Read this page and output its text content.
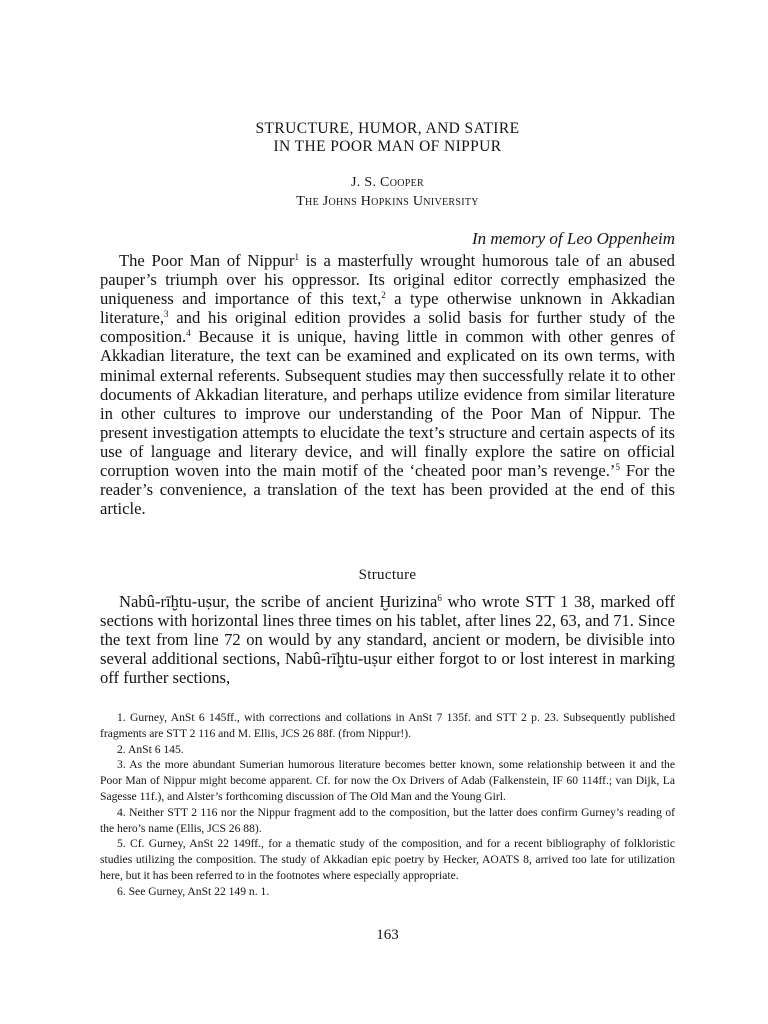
STRUCTURE, HUMOR, AND SATIRE
IN THE POOR MAN OF NIPPUR
J. S. Cooper
The Johns Hopkins University
In memory of Leo Oppenheim

The Poor Man of Nippur$^1$ is a masterfully wrought humorous tale of an abused pauper’s triumph over his oppressor. Its original editor correctly emphasized the uniqueness and importance of this text,$^2$ a type otherwise unknown in Akkadian literature,$^3$ and his original edition provides a solid basis for further study of the composition.$^4$ Because it is unique, having little in common with other genres of Akkadian literature, the text can be examined and explicated on its own terms, with minimal external referents. Subsequent studies may then successfully relate it to other documents of Akkadian literature, and perhaps utilize evidence from similar literature in other cultures to improve our understanding of the Poor Man of Nippur. The present investigation attempts to elucidate the text’s structure and certain aspects of its use of language and literary device, and will finally explore the satire on official corruption woven into the main motif of the ‘cheated poor man’s revenge.’$^5$ For the reader’s convenience, a translation of the text has been provided at the end of this article.

Structure

Nabû-rīḫtu-uṣur, the scribe of ancient Ḫurizina$^6$ who wrote STT 1 38, marked off sections with horizontal lines three times on his tablet, after lines 22, 63, and 71. Since the text from line 72 on would by any standard, ancient or modern, be divisible into several additional sections, Nabû-rīḫtu-uṣur either forgot to or lost interest in marking off further sections,

1. Gurney, AnSt 6 145ff., with corrections and collations in AnSt 7 135f. and STT 2 p. 23. Subsequently published fragments are STT 2 116 and M. Ellis, JCS 26 88f. (from Nippur!).

2. AnSt 6 145.

3. As the more abundant Sumerian humorous literature becomes better known, some relationship between it and the Poor Man of Nippur might become apparent. Cf. for now the Ox Drivers of Adab (Falkenstein, IF 60 114ff.; van Dijk, La Sagesse 11f.), and Alster’s forthcoming discussion of The Old Man and the Young Girl.

4. Neither STT 2 116 nor the Nippur fragment add to the composition, but the latter does confirm Gurney’s reading of the hero’s name (Ellis, JCS 26 88).

5. Cf. Gurney, AnSt 22 149ff., for a thematic study of the composition, and for a recent bibliography of folkloristic studies utilizing the composition. The study of Akkadian epic poetry by Hecker, AOATS 8, arrived too late for utilization here, but it has been referred to in the footnotes where especially appropriate.

6. See Gurney, AnSt 22 149 n. 1.

163
